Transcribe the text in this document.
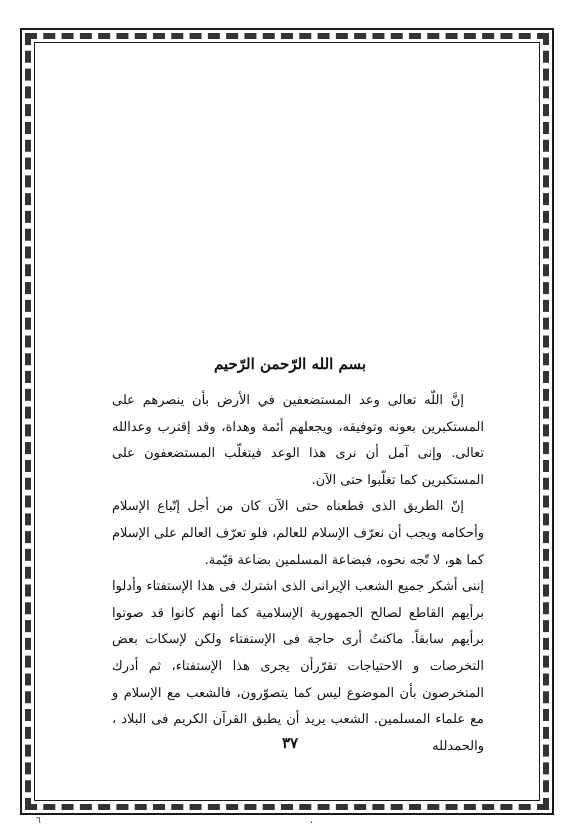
بسم الله الرّحمن الرّحيم

إنَّ اللّه تعالى وعد المستضعفين في الأرض بأن ينصرهم على المستكبرين بعونه وتوفيقه، ويجعلهم أئمة وهداة، وقد إقترب وعدالله تعالى. وإنى آمل أن نرى هذا الوعد فيتغلّب المستضعفون على المستكبرين كما تغلّبوا حتى الآن.

إنّ الطريق الذى قطعناه حتى الآن كان من أجل إتّباع الإسلام وأحكامه ويجب أن نعرّف الإسلام للعالم، فلو تعرّف العالم على الإسلام كما هو، لا تّجه نحوه، فبضاعة المسلمين بضاعة قيّمة.

إننى أشكر جميع الشعب الإيرانى الذى اشترك فى هذا الإستفتاء وأدلوا برأيهم القاطع لصالح الجمهورية الإسلامية كما أنهم كانوا قد صوتوا برأيهم سابقاً. ماكنتُ أرى حاجة فى الإستفتاء ولكن لإسكات بعض التخرصات و الاحتياجات تقرّرأن يجرى هذا الإستفتاء، ثم أدرك المتخرصون بأن الموضوع ليس كما يتصوّرون، فالشعب مع الإسلام و مع علماء المسلمين. الشعب يريد أن يطبق القرآن الكريم فى البلاد ، والحمدلله

٣٧
٦	،
